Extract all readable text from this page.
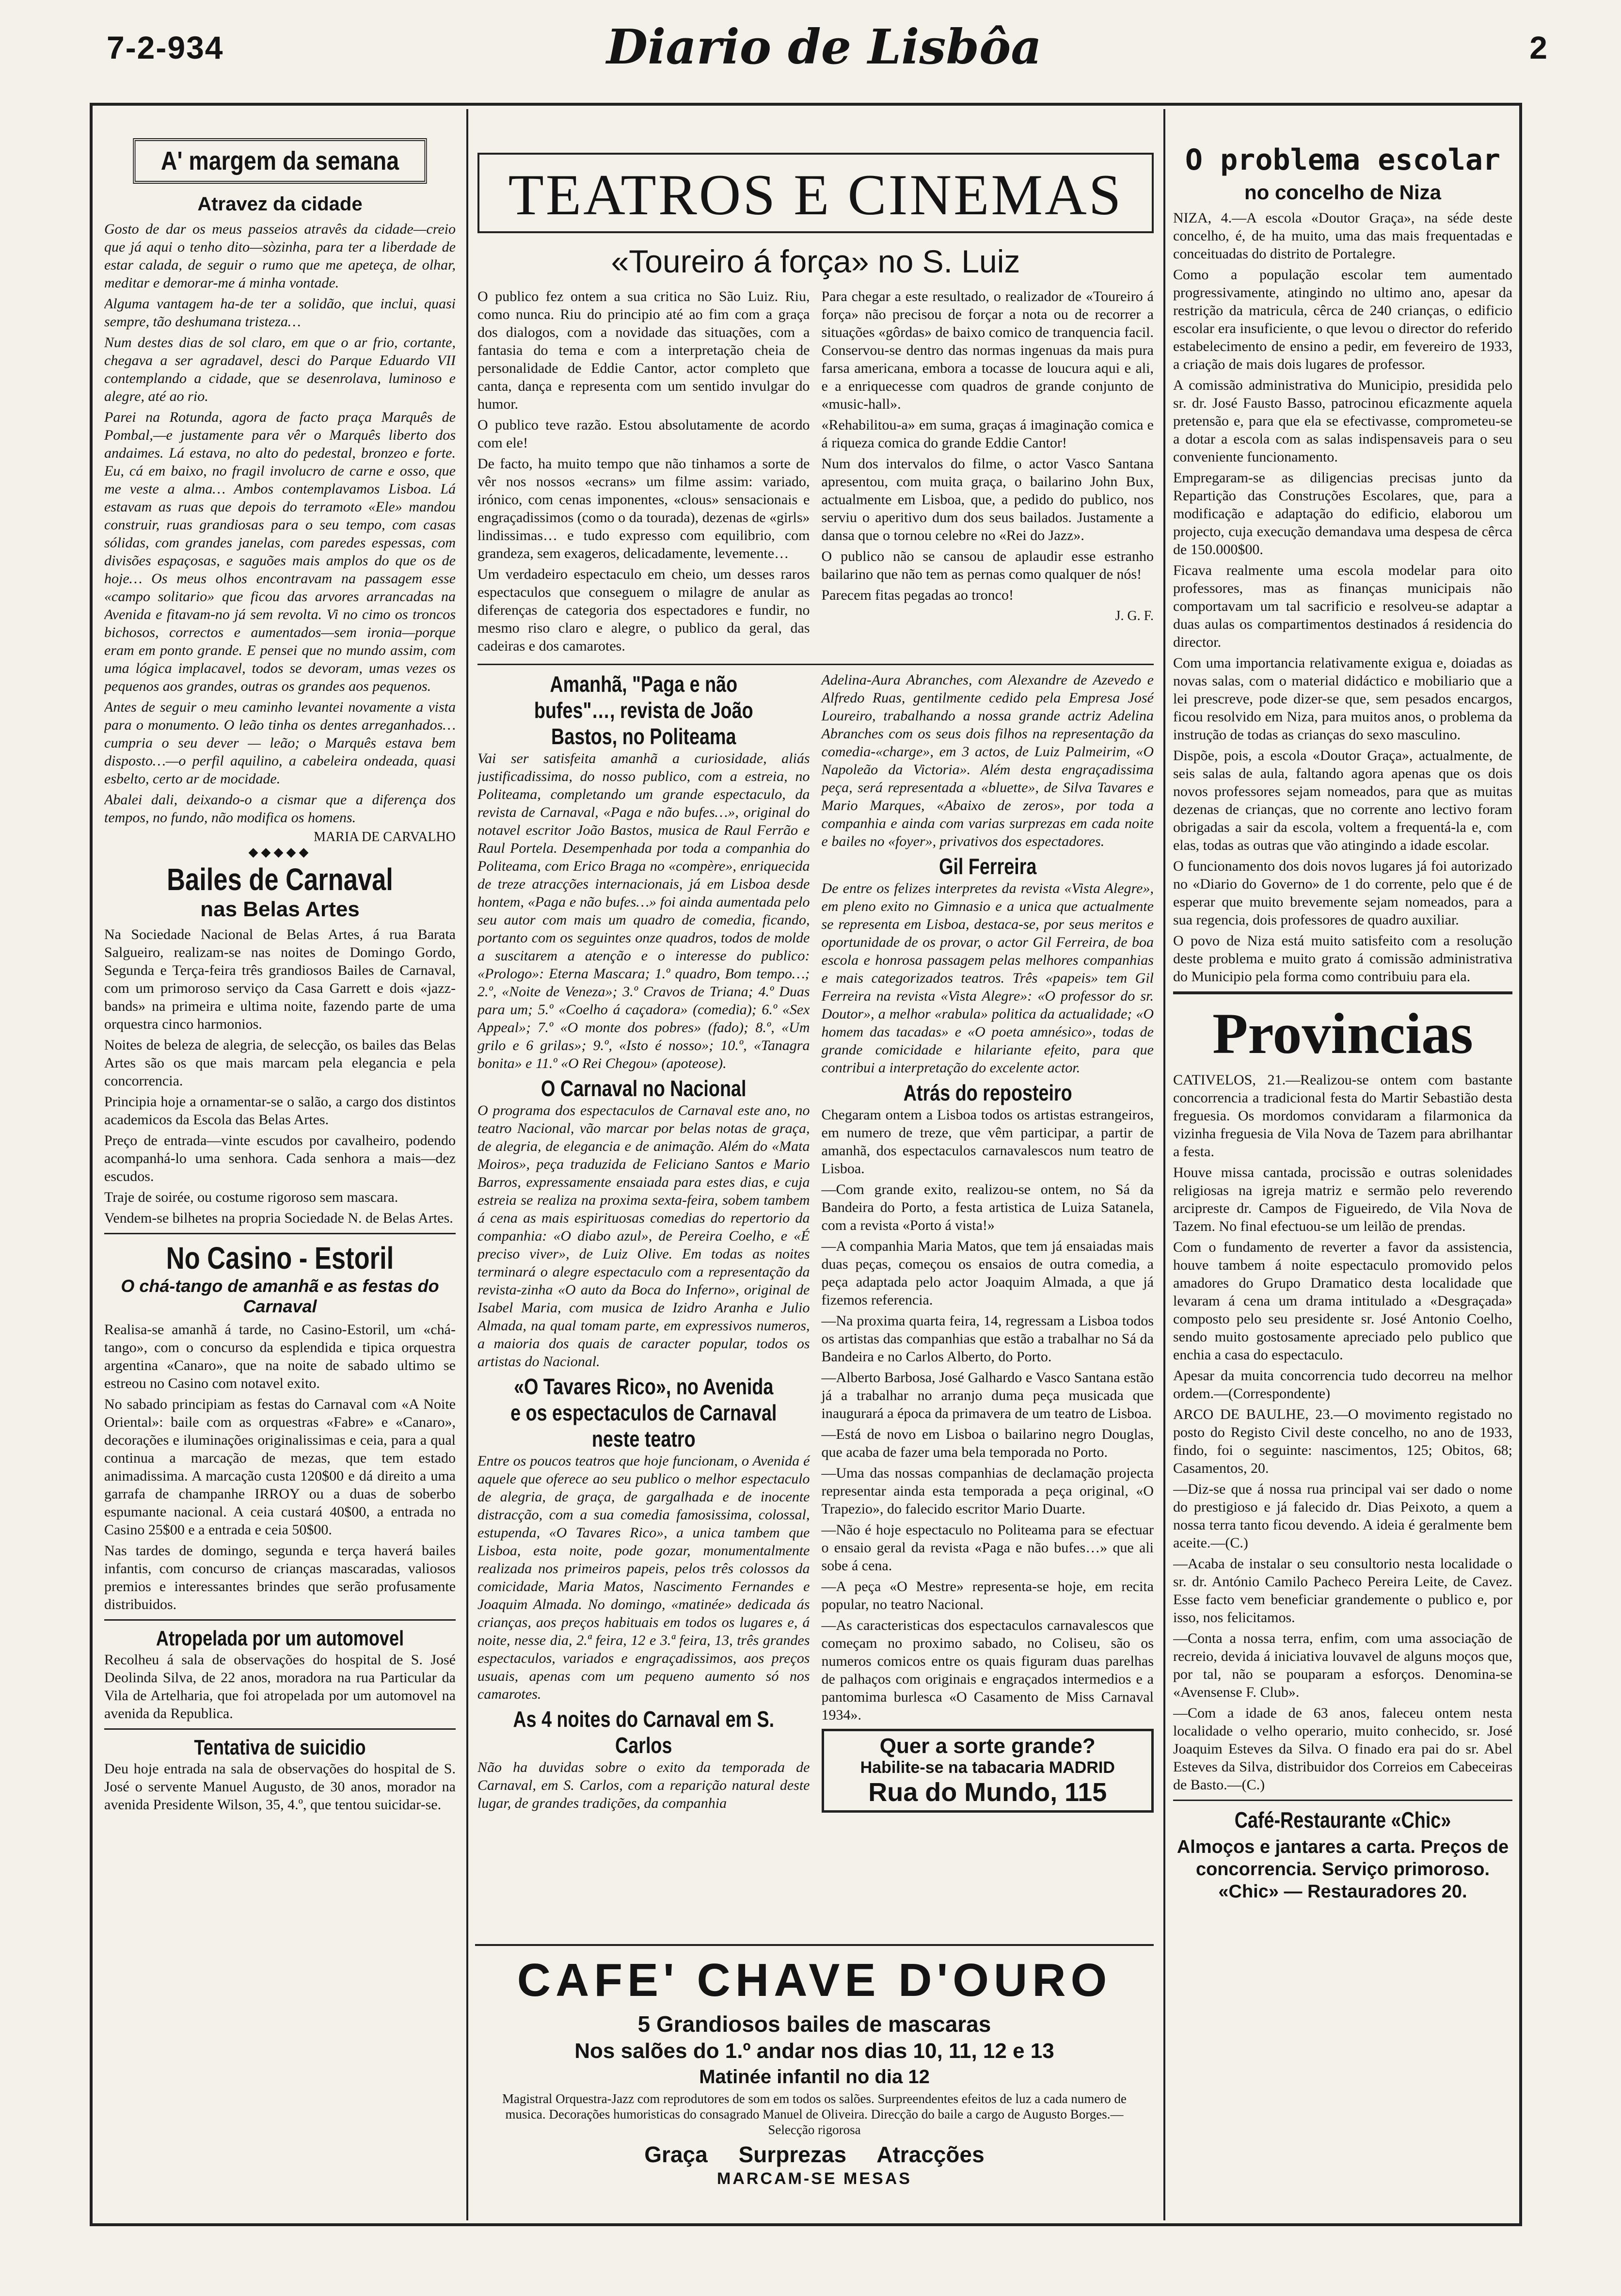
7-2-934	Diario de Lisbôa	2
A' margem da semana
Atravez da cidade

Gosto de dar os meus passeios atravês da cidade—creio que já aqui o tenho dito—sòzinha, para ter a liberdade de estar calada, de seguir o rumo que me apeteça, de olhar, meditar e demorar-me á minha vontade.

Alguma vantagem ha-de ter a solidão, que inclui, quasi sempre, tão deshumana tristeza…

Num destes dias de sol claro, em que o ar frio, cortante, chegava a ser agradavel, desci do Parque Eduardo VII contemplando a cidade, que se desenrolava, luminoso e alegre, até ao rio.

Parei na Rotunda, agora de facto praça Marquês de Pombal,—e justamente para vêr o Marquês liberto dos andaimes. Lá estava, no alto do pedestal, bronzeo e forte. Eu, cá em baixo, no fragil involucro de carne e osso, que me veste a alma… Ambos contemplavamos Lisboa. Lá estavam as ruas que depois do terramoto «Ele» mandou construir, ruas grandiosas para o seu tempo, com casas sólidas, com grandes janelas, com paredes espessas, com divisões espaçosas, e saguões mais amplos do que os de hoje… Os meus olhos encontravam na passagem esse «campo solitario» que ficou das arvores arrancadas na Avenida e fitavam-no já sem revolta. Vi no cimo os troncos bichosos, correctos e aumentados—sem ironia—porque eram em ponto grande. E pensei que no mundo assim, com uma lógica implacavel, todos se devoram, umas vezes os pequenos aos grandes, outras os grandes aos pequenos.

Antes de seguir o meu caminho levantei novamente a vista para o monumento. O leão tinha os dentes arreganhados… cumpria o seu dever — leão; o Marquês estava bem disposto…—o perfil aquilino, a cabeleira ondeada, quasi esbelto, certo ar de mocidade.

Abalei dali, deixando-o a cismar que a diferença dos tempos, no fundo, não modifica os homens.

MARIA DE CARVALHO
◆◆◆◆◆
Bailes de Carnaval
nas Belas Artes

Na Sociedade Nacional de Belas Artes, á rua Barata Salgueiro, realizam-se nas noites de Domingo Gordo, Segunda e Terça-feira três grandiosos Bailes de Carnaval, com um primoroso serviço da Casa Garrett e dois «jazz-bands» na primeira e ultima noite, fazendo parte de uma orquestra cinco harmonios.

Noites de beleza de alegria, de selecção, os bailes das Belas Artes são os que mais marcam pela elegancia e pela concorrencia.

Principia hoje a ornamentar-se o salão, a cargo dos distintos academicos da Escola das Belas Artes.

Preço de entrada—vinte escudos por cavalheiro, podendo acompanhá-lo uma senhora. Cada senhora a mais—dez escudos.

Traje de soirée, ou costume rigoroso sem mascara.

Vendem-se bilhetes na propria Sociedade N. de Belas Artes.

No Casino - Estoril
O chá-tango de amanhã e as festas do Carnaval

Realisa-se amanhã á tarde, no Casino-Estoril, um «chá-tango», com o concurso da esplendida e tipica orquestra argentina «Canaro», que na noite de sabado ultimo se estreou no Casino com notavel exito.

No sabado principiam as festas do Carnaval com «A Noite Oriental»: baile com as orquestras «Fabre» e «Canaro», decorações e iluminações originalissimas e ceia, para a qual continua a marcação de mezas, que tem estado animadissima. A marcação custa 120$00 e dá direito a uma garrafa de champanhe IRROY ou a duas de soberbo espumante nacional. A ceia custará 40$00, a entrada no Casino 25$00 e a entrada e ceia 50$00.

Nas tardes de domingo, segunda e terça haverá bailes infantis, com concurso de crianças mascaradas, valiosos premios e interessantes brindes que serão profusamente distribuidos.

Atropelada por um automovel

Recolheu á sala de observações do hospital de S. José Deolinda Silva, de 22 anos, moradora na rua Particular da Vila de Artelharia, que foi atropelada por um automovel na avenida da Republica.

Tentativa de suicidio

Deu hoje entrada na sala de observações do hospital de S. José o servente Manuel Augusto, de 30 anos, morador na avenida Presidente Wilson, 35, 4.º, que tentou suicidar-se.

TEATROS E CINEMAS
«Toureiro á força» no S. Luiz

O publico fez ontem a sua critica no São Luiz. Riu, como nunca. Riu do principio até ao fim com a graça dos dialogos, com a novidade das situações, com a fantasia do tema e com a interpretação cheia de personalidade de Eddie Cantor, actor completo que canta, dança e representa com um sentido invulgar do humor.

O publico teve razão. Estou absolutamente de acordo com ele!

De facto, ha muito tempo que não tinhamos a sorte de vêr nos nossos «ecrans» um filme assim: variado, irónico, com cenas imponentes, «clous» sensacionais e engraçadissimos (como o da tourada), dezenas de «girls» lindissimas… e tudo expresso com equilibrio, com grandeza, sem exageros, delicadamente, levemente…

Um verdadeiro espectaculo em cheio, um desses raros espectaculos que conseguem o milagre de anular as diferenças de categoria dos espectadores e fundir, no mesmo riso claro e alegre, o publico da geral, das cadeiras e dos camarotes.

Para chegar a este resultado, o realizador de «Toureiro á força» não precisou de forçar a nota ou de recorrer a situações «gôrdas» de baixo comico de tranquencia facil. Conservou-se dentro das normas ingenuas da mais pura farsa americana, embora a tocasse de loucura aqui e ali, e a enriquecesse com quadros de grande conjunto de «music-hall».

«Rehabilitou-a» em suma, graças á imaginação comica e á riqueza comica do grande Eddie Cantor!

Num dos intervalos do filme, o actor Vasco Santana apresentou, com muita graça, o bailarino John Bux, actualmente em Lisboa, que, a pedido do publico, nos serviu o aperitivo dum dos seus bailados. Justamente a dansa que o tornou celebre no «Rei do Jazz».

O publico não se cansou de aplaudir esse estranho bailarino que não tem as pernas como qualquer de nós!

Parecem fitas pegadas ao tronco!

J. G. F.
Amanhã, "Paga e não bufes"…, revista de João Bastos, no Politeama

Vai ser satisfeita amanhã a curiosidade, aliás justificadissima, do nosso publico, com a estreia, no Politeama, completando um grande espectaculo, da revista de Carnaval, «Paga e não bufes…», original do notavel escritor João Bastos, musica de Raul Ferrão e Raul Portela. Desempenhada por toda a companhia do Politeama, com Erico Braga no «compère», enriquecida de treze atracções internacionais, já em Lisboa desde hontem, «Paga e não bufes…» foi ainda aumentada pelo seu autor com mais um quadro de comedia, ficando, portanto com os seguintes onze quadros, todos de molde a suscitarem a atenção e o interesse do publico: «Prologo»: Eterna Mascara; 1.º quadro, Bom tempo…; 2.º, «Noite de Veneza»; 3.º Cravos de Triana; 4.º Duas para um; 5.º «Coelho á caçadora» (comedia); 6.º «Sex Appeal»; 7.º «O monte dos pobres» (fado); 8.º, «Um grilo e 6 grilas»; 9.º, «Isto é nosso»; 10.º, «Tanagra bonita» e 11.º «O Rei Chegou» (apoteose).

O Carnaval no Nacional

O programa dos espectaculos de Carnaval este ano, no teatro Nacional, vão marcar por belas notas de graça, de alegria, de elegancia e de animação. Além do «Mata Moiros», peça traduzida de Feliciano Santos e Mario Barros, expressamente ensaiada para estes dias, e cuja estreia se realiza na proxima sexta-feira, sobem tambem á cena as mais espirituosas comedias do repertorio da companhia: «O diabo azul», de Pereira Coelho, e «É preciso viver», de Luiz Olive. Em todas as noites terminará o alegre espectaculo com a representação da revista-zinha «O auto da Boca do Inferno», original de Isabel Maria, com musica de Izidro Aranha e Julio Almada, na qual tomam parte, em expressivos numeros, a maioria dos quais de caracter popular, todos os artistas do Nacional.

«O Tavares Rico», no Avenida e os espectaculos de Carnaval neste teatro

Entre os poucos teatros que hoje funcionam, o Avenida é aquele que oferece ao seu publico o melhor espectaculo de alegria, de graça, de gargalhada e de inocente distracção, com a sua comedia famosissima, colossal, estupenda, «O Tavares Rico», a unica tambem que Lisboa, esta noite, pode gozar, monumentalmente realizada nos primeiros papeis, pelos três colossos da comicidade, Maria Matos, Nascimento Fernandes e Joaquim Almada. No domingo, «matinée» dedicada ás crianças, aos preços habituais em todos os lugares e, á noite, nesse dia, 2.ª feira, 12 e 3.ª feira, 13, três grandes espectaculos, variados e engraçadissimos, aos preços usuais, apenas com um pequeno aumento só nos camarotes.

As 4 noites do Carnaval em S. Carlos

Não ha duvidas sobre o exito da temporada de Carnaval, em S. Carlos, com a reparição natural deste lugar, de grandes tradições, da companhia

Adelina-Aura Abranches, com Alexandre de Azevedo e Alfredo Ruas, gentilmente cedido pela Empresa José Loureiro, trabalhando a nossa grande actriz Adelina Abranches com os seus dois filhos na representação da comedia-«charge», em 3 actos, de Luiz Palmeirim, «O Napoleão da Victoria». Além desta engraçadissima peça, será representada a «bluette», de Silva Tavares e Mario Marques, «Abaixo de zeros», por toda a companhia e ainda com varias surprezas em cada noite e bailes no «foyer», privativos dos espectadores.

Gil Ferreira

De entre os felizes interpretes da revista «Vista Alegre», em pleno exito no Gimnasio e a unica que actualmente se representa em Lisboa, destaca-se, por seus meritos e oportunidade de os provar, o actor Gil Ferreira, de boa escola e honrosa passagem pelas melhores companhias e mais categorizados teatros. Três «papeis» tem Gil Ferreira na revista «Vista Alegre»: «O professor do sr. Doutor», a melhor «rabula» politica da actualidade; «O homem das tacadas» e «O poeta amnésico», todas de grande comicidade e hilariante efeito, para que contribui a interpretação do excelente actor.

Atrás do reposteiro

Chegaram ontem a Lisboa todos os artistas estrangeiros, em numero de treze, que vêm participar, a partir de amanhã, dos espectaculos carnavalescos num teatro de Lisboa.

—Com grande exito, realizou-se ontem, no Sá da Bandeira do Porto, a festa artistica de Luiza Satanela, com a revista «Porto á vista!»

—A companhia Maria Matos, que tem já ensaiadas mais duas peças, começou os ensaios de outra comedia, a peça adaptada pelo actor Joaquim Almada, a que já fizemos referencia.

—Na proxima quarta feira, 14, regressam a Lisboa todos os artistas das companhias que estão a trabalhar no Sá da Bandeira e no Carlos Alberto, do Porto.

—Alberto Barbosa, José Galhardo e Vasco Santana estão já a trabalhar no arranjo duma peça musicada que inaugurará a época da primavera de um teatro de Lisboa.

—Está de novo em Lisboa o bailarino negro Douglas, que acaba de fazer uma bela temporada no Porto.

—Uma das nossas companhias de declamação projecta representar ainda esta temporada a peça original, «O Trapezio», do falecido escritor Mario Duarte.

—Não é hoje espectaculo no Politeama para se efectuar o ensaio geral da revista «Paga e não bufes…» que ali sobe á cena.

—A peça «O Mestre» representa-se hoje, em recita popular, no teatro Nacional.

—As caracteristicas dos espectaculos carnavalescos que começam no proximo sabado, no Coliseu, são os numeros comicos entre os quais figuram duas parelhas de palhaços com originais e engraçados intermedios e a pantomima burlesca «O Casamento de Miss Carnaval 1934».

Quer a sorte grande?
Habilite-se na tabacaria MADRID
Rua do Mundo, 115
CAFE' CHAVE D'OURO
5 Grandiosos bailes de mascaras
Nos salões do 1.º andar nos dias 10, 11, 12 e 13
Matinée infantil no dia 12
Magistral Orquestra-Jazz com reprodutores de som em todos os salões. Surpreendentes efeitos de luz a cada numero de musica. Decorações humoristicas do consagrado Manuel de Oliveira. Direcção do baile a cargo de Augusto Borges.—Selecção rigorosa
Graça     Surprezas     Atracções
MARCAM-SE MESAS
O problema escolar
no concelho de Niza

NIZA, 4.—A escola «Doutor Graça», na séde deste concelho, é, de ha muito, uma das mais frequentadas e conceituadas do distrito de Portalegre.

Como a população escolar tem aumentado progressivamente, atingindo no ultimo ano, apesar da restrição da matricula, cêrca de 240 crianças, o edificio escolar era insuficiente, o que levou o director do referido estabelecimento de ensino a pedir, em fevereiro de 1933, a criação de mais dois lugares de professor.

A comissão administrativa do Municipio, presidida pelo sr. dr. José Fausto Basso, patrocinou eficazmente aquela pretensão e, para que ela se efectivasse, comprometeu-se a dotar a escola com as salas indispensaveis para o seu conveniente funcionamento.

Empregaram-se as diligencias precisas junto da Repartição das Construções Escolares, que, para a modificação e adaptação do edificio, elaborou um projecto, cuja execução demandava uma despesa de cêrca de 150.000$00.

Ficava realmente uma escola modelar para oito professores, mas as finanças municipais não comportavam um tal sacrificio e resolveu-se adaptar a duas aulas os compartimentos destinados á residencia do director.

Com uma importancia relativamente exigua e, doiadas as novas salas, com o material didáctico e mobiliario que a lei prescreve, pode dizer-se que, sem pesados encargos, ficou resolvido em Niza, para muitos anos, o problema da instrução de todas as crianças do sexo masculino.

Dispõe, pois, a escola «Doutor Graça», actualmente, de seis salas de aula, faltando agora apenas que os dois novos professores sejam nomeados, para que as muitas dezenas de crianças, que no corrente ano lectivo foram obrigadas a sair da escola, voltem a frequentá-la e, com elas, todas as outras que vão atingindo a idade escolar.

O funcionamento dos dois novos lugares já foi autorizado no «Diario do Governo» de 1 do corrente, pelo que é de esperar que muito brevemente sejam nomeados, para a sua regencia, dois professores de quadro auxiliar.

O povo de Niza está muito satisfeito com a resolução deste problema e muito grato á comissão administrativa do Municipio pela forma como contribuiu para ela.

Provincias

CATIVELOS, 21.—Realizou-se ontem com bastante concorrencia a tradicional festa do Martir Sebastião desta freguesia. Os mordomos convidaram a filarmonica da vizinha freguesia de Vila Nova de Tazem para abrilhantar a festa.

Houve missa cantada, procissão e outras solenidades religiosas na igreja matriz e sermão pelo reverendo arcipreste dr. Campos de Figueiredo, de Vila Nova de Tazem. No final efectuou-se um leilão de prendas.

Com o fundamento de reverter a favor da assistencia, houve tambem á noite espectaculo promovido pelos amadores do Grupo Dramatico desta localidade que levaram á cena um drama intitulado a «Desgraçada» composto pelo seu presidente sr. José Antonio Coelho, sendo muito gostosamente apreciado pelo publico que enchia a casa do espectaculo.

Apesar da muita concorrencia tudo decorreu na melhor ordem.—(Correspondente)

ARCO DE BAULHE, 23.—O movimento registado no posto do Registo Civil deste concelho, no ano de 1933, findo, foi o seguinte: nascimentos, 125; Obitos, 68; Casamentos, 20.

—Diz-se que á nossa rua principal vai ser dado o nome do prestigioso e já falecido dr. Dias Peixoto, a quem a nossa terra tanto ficou devendo. A ideia é geralmente bem aceite.—(C.)

—Acaba de instalar o seu consultorio nesta localidade o sr. dr. António Camilo Pacheco Pereira Leite, de Cavez. Esse facto vem beneficiar grandemente o publico e, por isso, nos felicitamos.

—Conta a nossa terra, enfim, com uma associação de recreio, devida á iniciativa louvavel de alguns moços que, por tal, não se pouparam a esforços. Denomina-se «Avensense F. Club».

—Com a idade de 63 anos, faleceu ontem nesta localidade o velho operario, muito conhecido, sr. José Joaquim Esteves da Silva. O finado era pai do sr. Abel Esteves da Silva, distribuidor dos Correios em Cabeceiras de Basto.—(C.)

Café-Restaurante «Chic»

Almoços e jantares a carta. Preços de concorrencia. Serviço primoroso. «Chic» — Restauradores 20.
